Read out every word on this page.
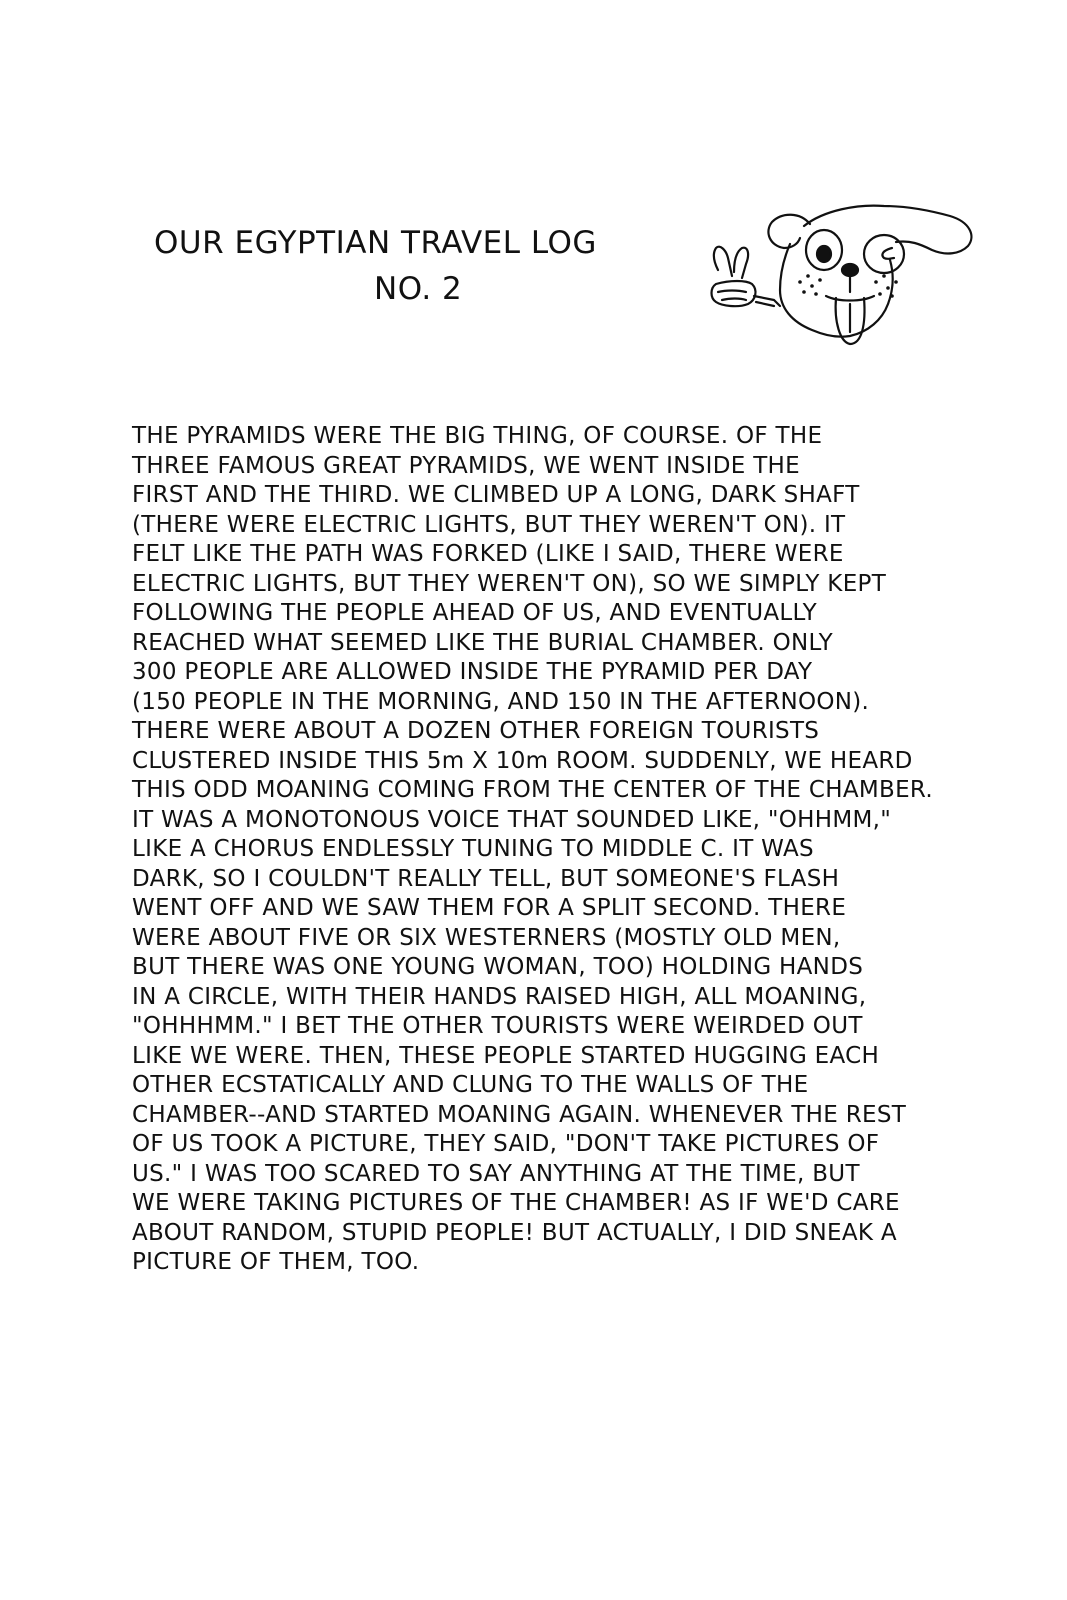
OUR EGYPTIAN TRAVEL LOG
NO. 2
THE PYRAMIDS WERE THE BIG THING, OF COURSE. OF THE
THREE FAMOUS GREAT PYRAMIDS, WE WENT INSIDE THE
FIRST AND THE THIRD. WE CLIMBED UP A LONG, DARK SHAFT
(THERE WERE ELECTRIC LIGHTS, BUT THEY WEREN'T ON). IT
FELT LIKE THE PATH WAS FORKED (LIKE I SAID, THERE WERE
ELECTRIC LIGHTS, BUT THEY WEREN'T ON), SO WE SIMPLY KEPT
FOLLOWING THE PEOPLE AHEAD OF US, AND EVENTUALLY
REACHED WHAT SEEMED LIKE THE BURIAL CHAMBER. ONLY
300 PEOPLE ARE ALLOWED INSIDE THE PYRAMID PER DAY
(150 PEOPLE IN THE MORNING, AND 150 IN THE AFTERNOON).
THERE WERE ABOUT A DOZEN OTHER FOREIGN TOURISTS
CLUSTERED INSIDE THIS 5m X 10m ROOM. SUDDENLY, WE HEARD
THIS ODD MOANING COMING FROM THE CENTER OF THE CHAMBER.
IT WAS A MONOTONOUS VOICE THAT SOUNDED LIKE, "OHHMM,"
LIKE A CHORUS ENDLESSLY TUNING TO MIDDLE C. IT WAS
DARK, SO I COULDN'T REALLY TELL, BUT SOMEONE'S FLASH
WENT OFF AND WE SAW THEM FOR A SPLIT SECOND. THERE
WERE ABOUT FIVE OR SIX WESTERNERS (MOSTLY OLD MEN,
BUT THERE WAS ONE YOUNG WOMAN, TOO) HOLDING HANDS
IN A CIRCLE, WITH THEIR HANDS RAISED HIGH, ALL MOANING,
"OHHHMM." I BET THE OTHER TOURISTS WERE WEIRDED OUT
LIKE WE WERE. THEN, THESE PEOPLE STARTED HUGGING EACH
OTHER ECSTATICALLY AND CLUNG TO THE WALLS OF THE
CHAMBER--AND STARTED MOANING AGAIN. WHENEVER THE REST
OF US TOOK A PICTURE, THEY SAID, "DON'T TAKE PICTURES OF
US." I WAS TOO SCARED TO SAY ANYTHING AT THE TIME, BUT
WE WERE TAKING PICTURES OF THE CHAMBER! AS IF WE'D CARE
ABOUT RANDOM, STUPID PEOPLE! BUT ACTUALLY, I DID SNEAK A
PICTURE OF THEM, TOO.
